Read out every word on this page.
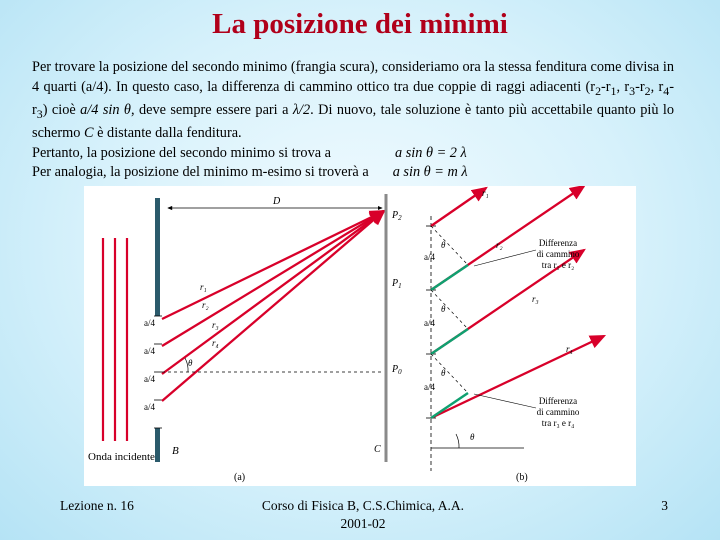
La posizione dei minimi

Per trovare la posizione del secondo minimo (frangia scura), consideriamo ora la stessa fenditura come divisa in 4 quarti (a/4). In questo caso, la differenza di cammino ottico tra due coppie di raggi adiacenti ($r_2-r_1$, $r_3-r_2$, $r_4-r_3$) cioè a/4 sin θ, deve sempre essere pari a λ/2. Di nuovo, tale soluzione è tanto più accettabile quanto più lo schermo C è distante dalla fenditura.

Pertanto, la posizione del secondo minimo si trova a	a sin θ = 2 λ

Per analogia, la posizione del minimo m-esimo si troverà a a sin θ = m λ

Onda incidente B
a/4
a/4
a/4
a/4
r₁
r₂
r₃
r₄
θ
D
$P_2$
$P_1$
$P_0$
C
(a)
a/4
a/4
a/4
r₁
r₂
r₃
r₄
θ
θ
θ
θ
Differenza
di cammino
tra r₁ e r₂
Differenza
di cammino
tra r₃ e r₄
(b)
Lezione n. 16	Corso di Fisica B, C.S.Chimica, A.A.
2001-02
3
